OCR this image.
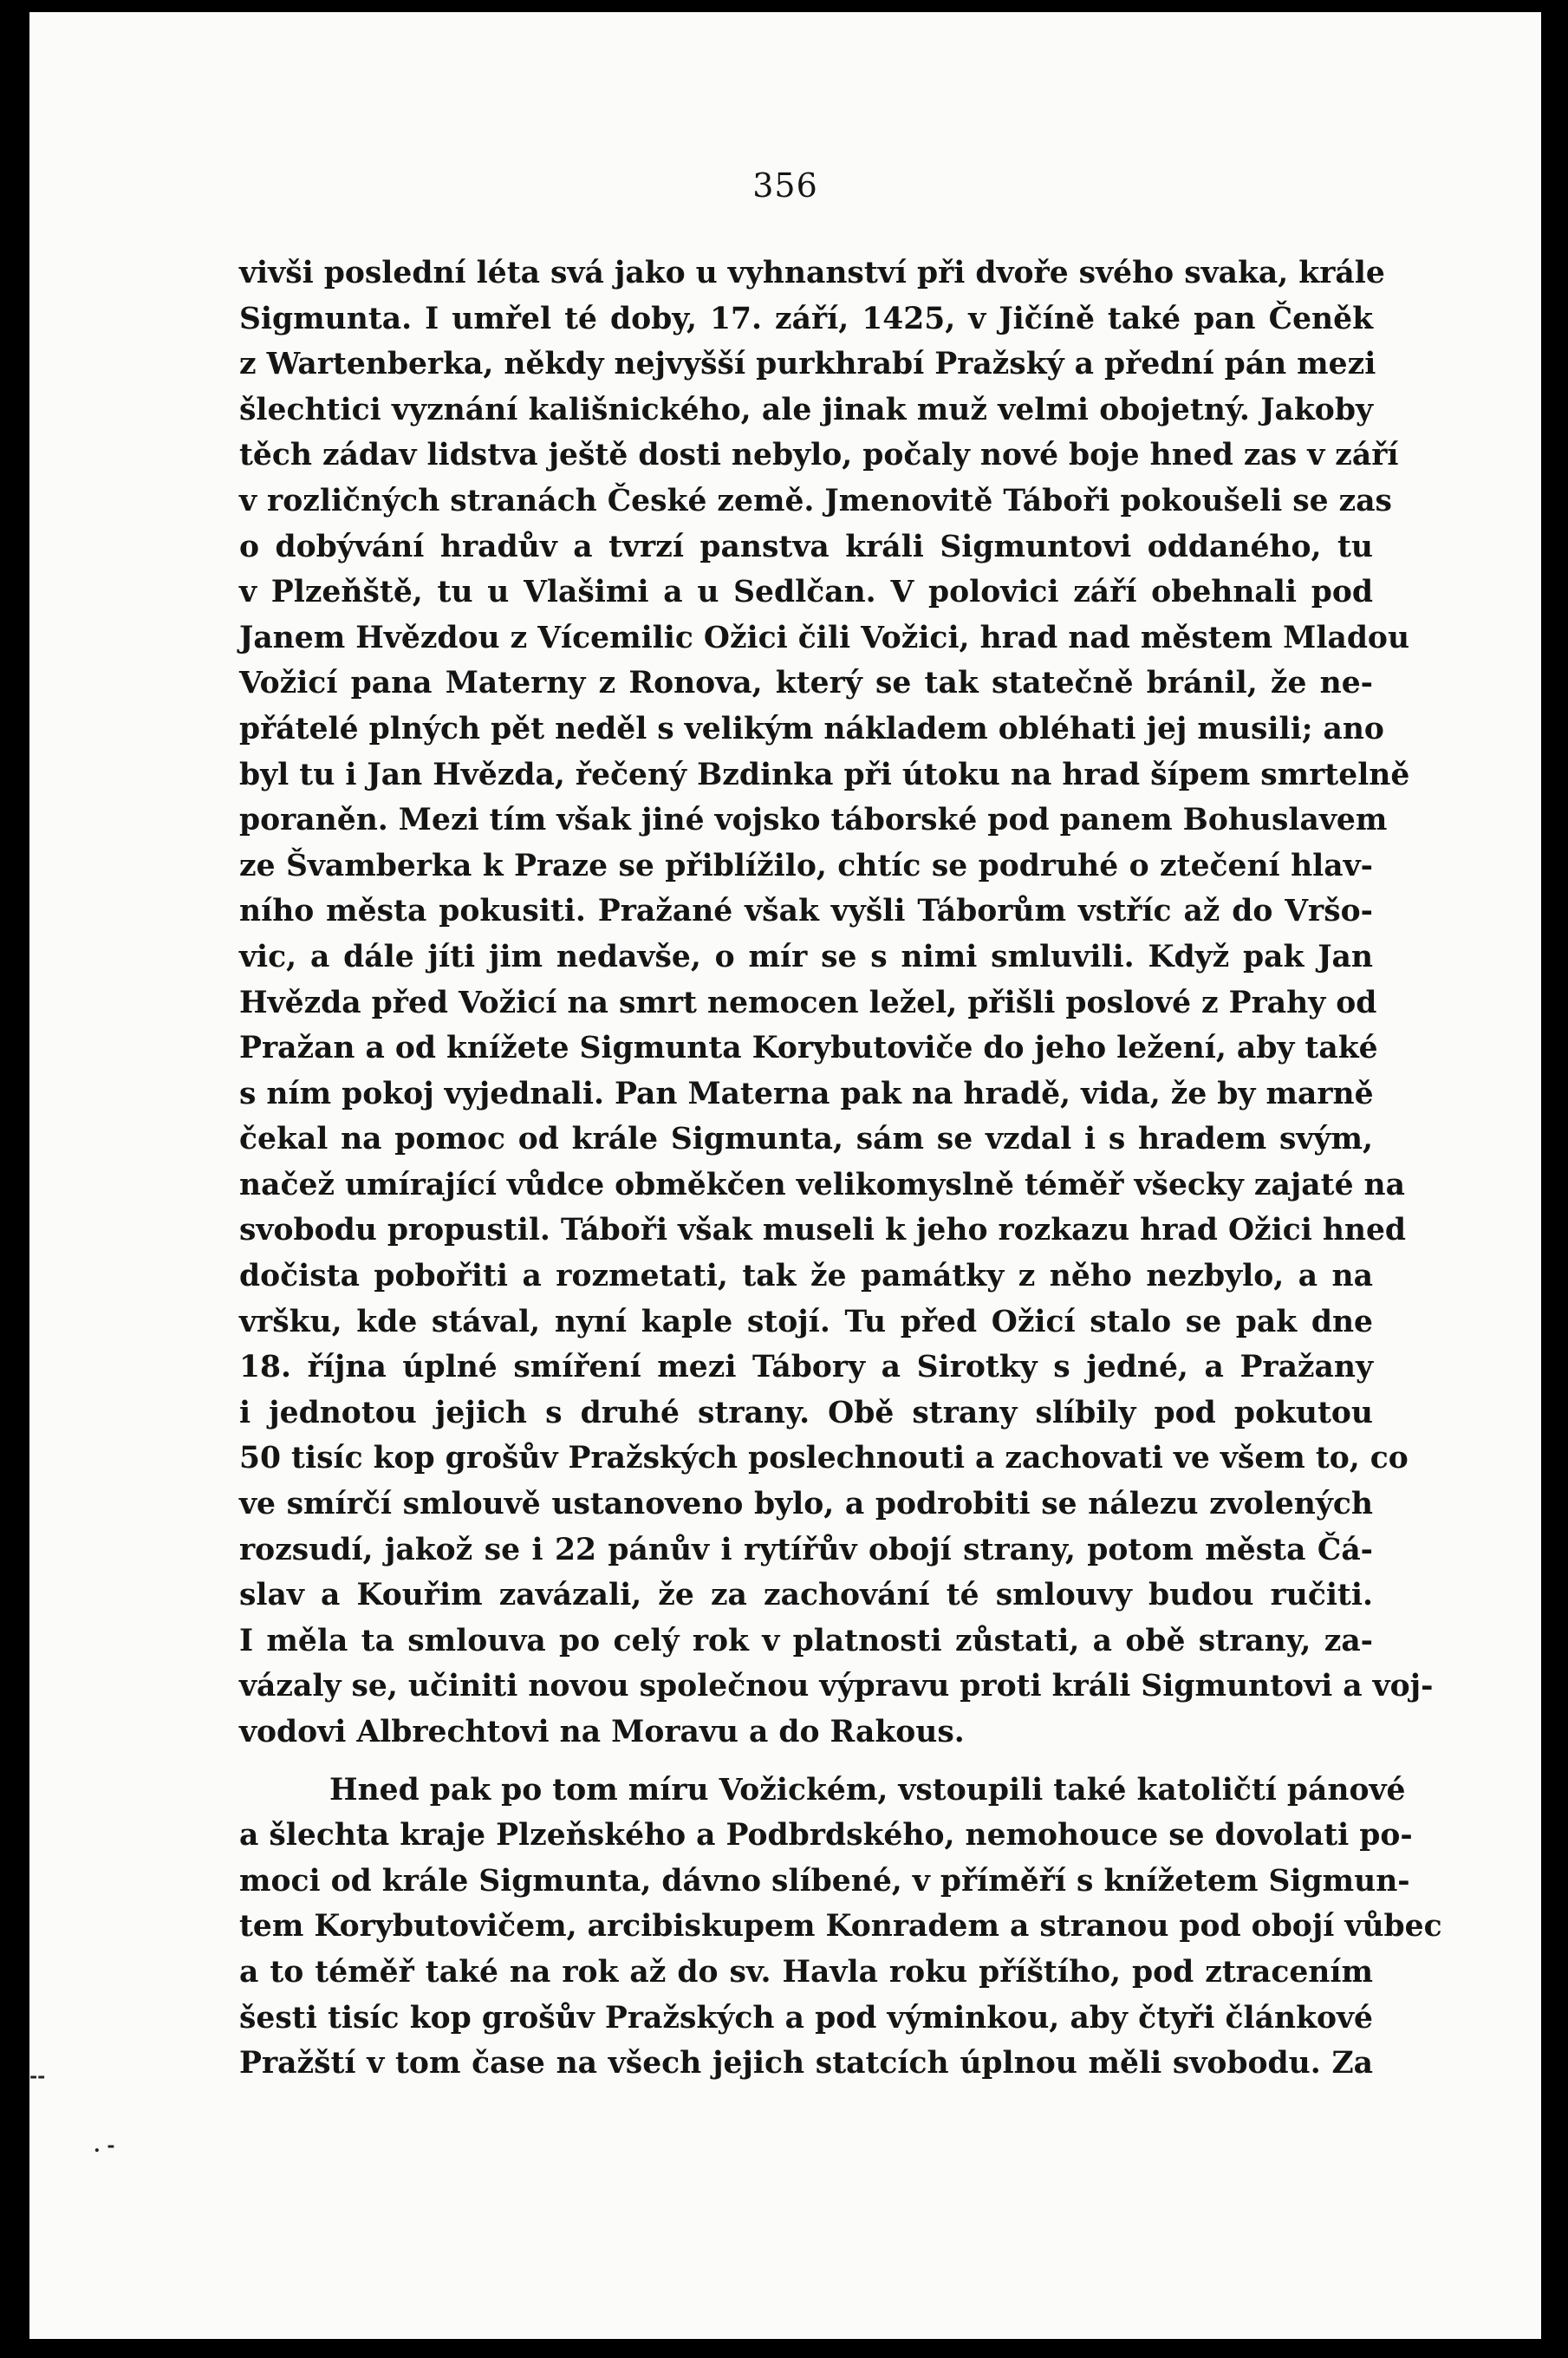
356
vivši poslední léta svá jako u vyhnanství při dvoře svého svaka, krále
Sigmunta. I umřel té doby, 17. září, 1425, v Jičíně také pan Čeněk
z Wartenberka, někdy nejvyšší purkhrabí Pražský a přední pán mezi
šlechtici vyznání kališnického, ale jinak muž velmi obojetný. Jakoby
těch zádav lidstva ještě dosti nebylo, počaly nové boje hned zas v září
v rozličných stranách České země. Jmenovitě Táboři pokoušeli se zas
o dobývání hradův a tvrzí panstva králi Sigmuntovi oddaného, tu
v Plzeňště, tu u Vlašimi a u Sedlčan. V polovici září obehnali pod
Janem Hvězdou z Vícemilic Ožici čili Vožici, hrad nad městem Mladou
Vožicí pana Materny z Ronova, který se tak statečně bránil, že ne-
přátelé plných pět neděl s velikým nákladem obléhati jej musili; ano
byl tu i Jan Hvězda, řečený Bzdinka při útoku na hrad šípem smrtelně
poraněn. Mezi tím však jiné vojsko táborské pod panem Bohuslavem
ze Švamberka k Praze se přiblížilo, chtíc se podruhé o ztečení hlav-
ního města pokusiti. Pražané však vyšli Táborům vstříc až do Vršo-
vic, a dále jíti jim nedavše, o mír se s nimi smluvili. Když pak Jan
Hvězda před Vožicí na smrt nemocen ležel, přišli poslové z Prahy od
Pražan a od knížete Sigmunta Korybutoviče do jeho ležení, aby také
s ním pokoj vyjednali. Pan Materna pak na hradě, vida, že by marně
čekal na pomoc od krále Sigmunta, sám se vzdal i s hradem svým,
načež umírající vůdce obměkčen velikomyslně téměř všecky zajaté na
svobodu propustil. Táboři však museli k jeho rozkazu hrad Ožici hned
dočista pobořiti a rozmetati, tak že památky z něho nezbylo, a na
vršku, kde stával, nyní kaple stojí. Tu před Ožicí stalo se pak dne
18. října úplné smíření mezi Tábory a Sirotky s jedné, a Pražany
i jednotou jejich s druhé strany. Obě strany slíbily pod pokutou
50 tisíc kop grošův Pražských poslechnouti a zachovati ve všem to, co
ve smírčí smlouvě ustanoveno bylo, a podrobiti se nálezu zvolených
rozsudí, jakož se i 22 pánův i rytířův obojí strany, potom města Čá-
slav a Kouřim zavázali, že za zachování té smlouvy budou ručiti.
I měla ta smlouva po celý rok v platnosti zůstati, a obě strany, za-
vázaly se, učiniti novou společnou výpravu proti králi Sigmuntovi a voj-
vodovi Albrechtovi na Moravu a do Rakous.
Hned pak po tom míru Vožickém, vstoupili také katoličtí pánové
a šlechta kraje Plzeňského a Podbrdského, nemohouce se dovolati po-
moci od krále Sigmunta, dávno slíbené, v příměří s knížetem Sigmun-
tem Korybutovičem, arcibiskupem Konradem a stranou pod obojí vůbec
a to téměř také na rok až do sv. Havla roku příštího, pod ztracením
šesti tisíc kop grošův Pražských a pod výminkou, aby čtyři článkové
Pražští v tom čase na všech jejich statcích úplnou měli svobodu. Za
‑‑
. ‑
